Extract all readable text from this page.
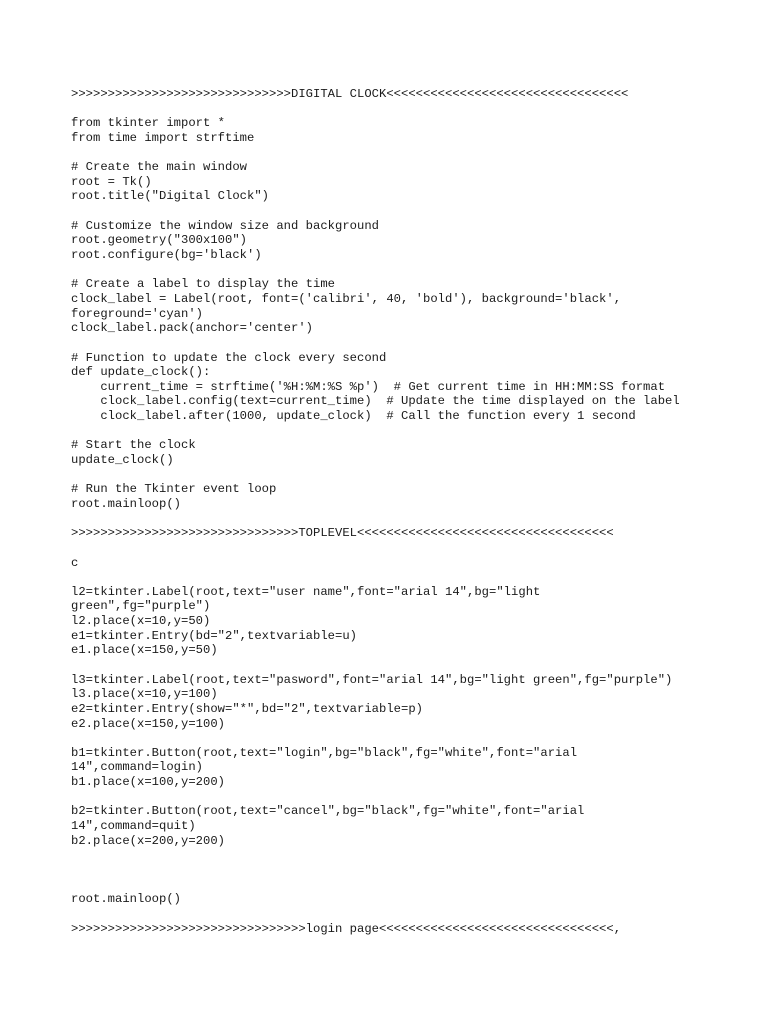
>>>>>>>>>>>>>>>>>>>>>>>>>>>>>>DIGITAL CLOCK<<<<<<<<<<<<<<<<<<<<<<<<<<<<<<<<<
from tkinter import *
from time import strftime
# Create the main window
root = Tk()
root.title("Digital Clock")
# Customize the window size and background
root.geometry("300x100")
root.configure(bg='black')
# Create a label to display the time
clock_label = Label(root, font=('calibri', 40, 'bold'), background='black',
foreground='cyan')
clock_label.pack(anchor='center')
# Function to update the clock every second
def update_clock():
current_time = strftime('%H:%M:%S %p')  # Get current time in HH:MM:SS format
clock_label.config(text=current_time)  # Update the time displayed on the label
clock_label.after(1000, update_clock)  # Call the function every 1 second
# Start the clock
update_clock()
# Run the Tkinter event loop
root.mainloop()
>>>>>>>>>>>>>>>>>>>>>>>>>>>>>>>TOPLEVEL<<<<<<<<<<<<<<<<<<<<<<<<<<<<<<<<<<<
c
l2=tkinter.Label(root,text="user name",font="arial 14",bg="light
green",fg="purple")
l2.place(x=10,y=50)
e1=tkinter.Entry(bd="2",textvariable=u)
e1.place(x=150,y=50)
l3=tkinter.Label(root,text="pasword",font="arial 14",bg="light green",fg="purple")
l3.place(x=10,y=100)
e2=tkinter.Entry(show="*",bd="2",textvariable=p)
e2.place(x=150,y=100)
b1=tkinter.Button(root,text="login",bg="black",fg="white",font="arial
14",command=login)
b1.place(x=100,y=200)
b2=tkinter.Button(root,text="cancel",bg="black",fg="white",font="arial
14",command=quit)
b2.place(x=200,y=200)
root.mainloop()
>>>>>>>>>>>>>>>>>>>>>>>>>>>>>>>>login page<<<<<<<<<<<<<<<<<<<<<<<<<<<<<<<<,
